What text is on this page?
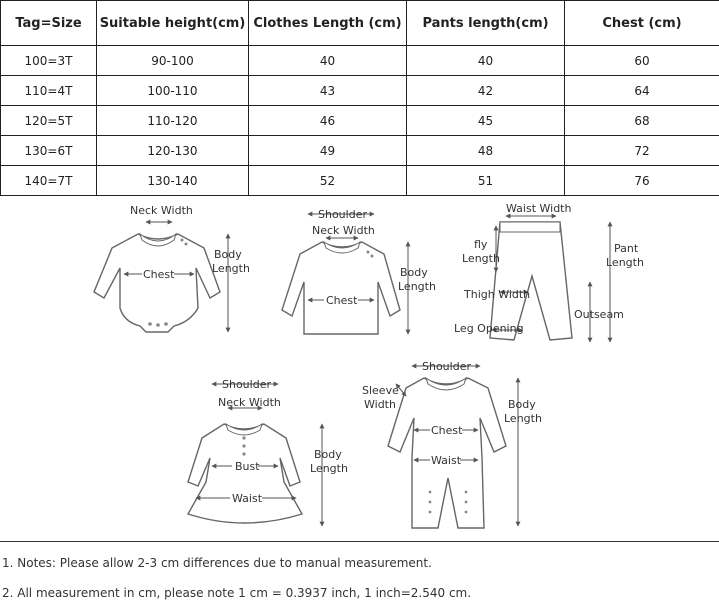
Tag=Size	Suitable height(cm)	Clothes Length (cm)	Pants length(cm)	Chest (cm)
100=3T	90-100	40	40	60
110=4T	100-110	43	42	64
120=5T	110-120	46	45	68
130=6T	120-130	49	48	72
140=7T	130-140	52	51	76
Neck Width
Chest
Body
Length
Shoulder
Neck Width
Chest
Body
Length
Waist Width
fly
Length
Thigh Width
Leg Opening
Outseam
Pant
Length
Shoulder
Neck Width
Bust
Waist
Body
Length
Shoulder
Sleeve
Width
Chest
Waist
Body
Length
1. Notes: Please allow 2-3 cm differences due to manual measurement.
2. All measurement in cm, please note 1 cm = 0.3937 inch, 1 inch=2.540 cm.
